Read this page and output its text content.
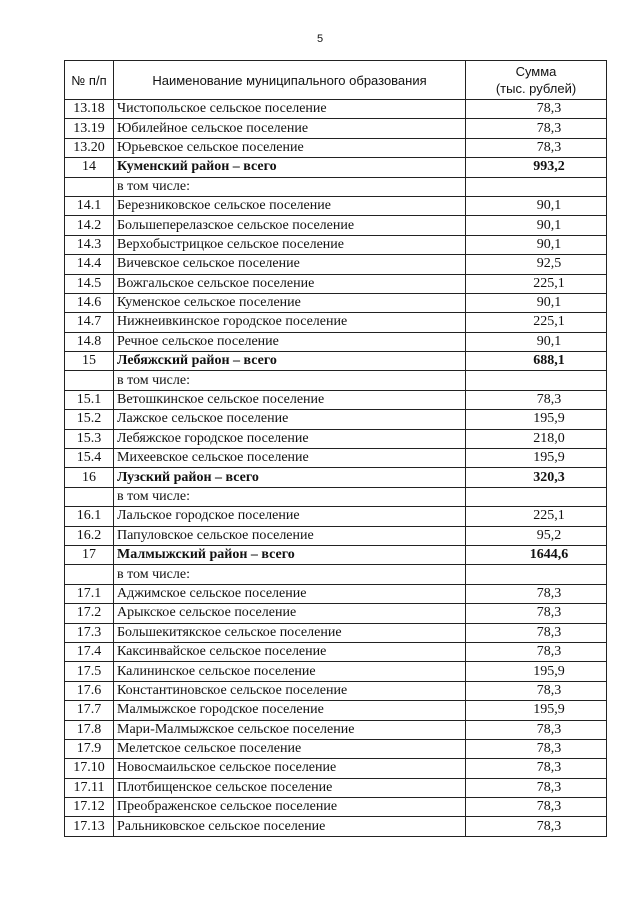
5
№ п/п	Наименование муниципального образования	Сумма
(тыс. рублей)

13.18	Чистопольское сельское поселение	78,3
13.19	Юбилейное сельское поселение	78,3
13.20	Юрьевское сельское поселение	78,3
14	Куменский район – всего	993,2
	в том числе:	
14.1	Березниковское сельское поселение	90,1
14.2	Большеперелазское сельское поселение	90,1
14.3	Верхобыстрицкое сельское поселение	90,1
14.4	Вичевское сельское поселение	92,5
14.5	Вожгальское сельское поселение	225,1
14.6	Куменское сельское поселение	90,1
14.7	Нижнеивкинское городское поселение	225,1
14.8	Речное сельское поселение	90,1
15	Лебяжский район – всего	688,1
	в том числе:	
15.1	Ветошкинское сельское поселение	78,3
15.2	Лажское сельское поселение	195,9
15.3	Лебяжское городское поселение	218,0
15.4	Михеевское сельское поселение	195,9
16	Лузский район – всего	320,3
	в том числе:	
16.1	Лальское городское поселение	225,1
16.2	Папуловское сельское поселение	95,2
17	Малмыжский район – всего	1644,6
	в том числе:	
17.1	Аджимское сельское поселение	78,3
17.2	Арыкское сельское поселение	78,3
17.3	Большекитякское сельское поселение	78,3
17.4	Каксинвайское сельское поселение	78,3
17.5	Калининское сельское поселение	195,9
17.6	Константиновское сельское поселение	78,3
17.7	Малмыжское городское поселение	195,9
17.8	Мари-Малмыжское сельское поселение	78,3
17.9	Мелетское сельское поселение	78,3
17.10	Новосмаильское сельское поселение	78,3
17.11	Плотбищенское сельское поселение	78,3
17.12	Преображенское сельское поселение	78,3
17.13	Ральниковское сельское поселение	78,3
